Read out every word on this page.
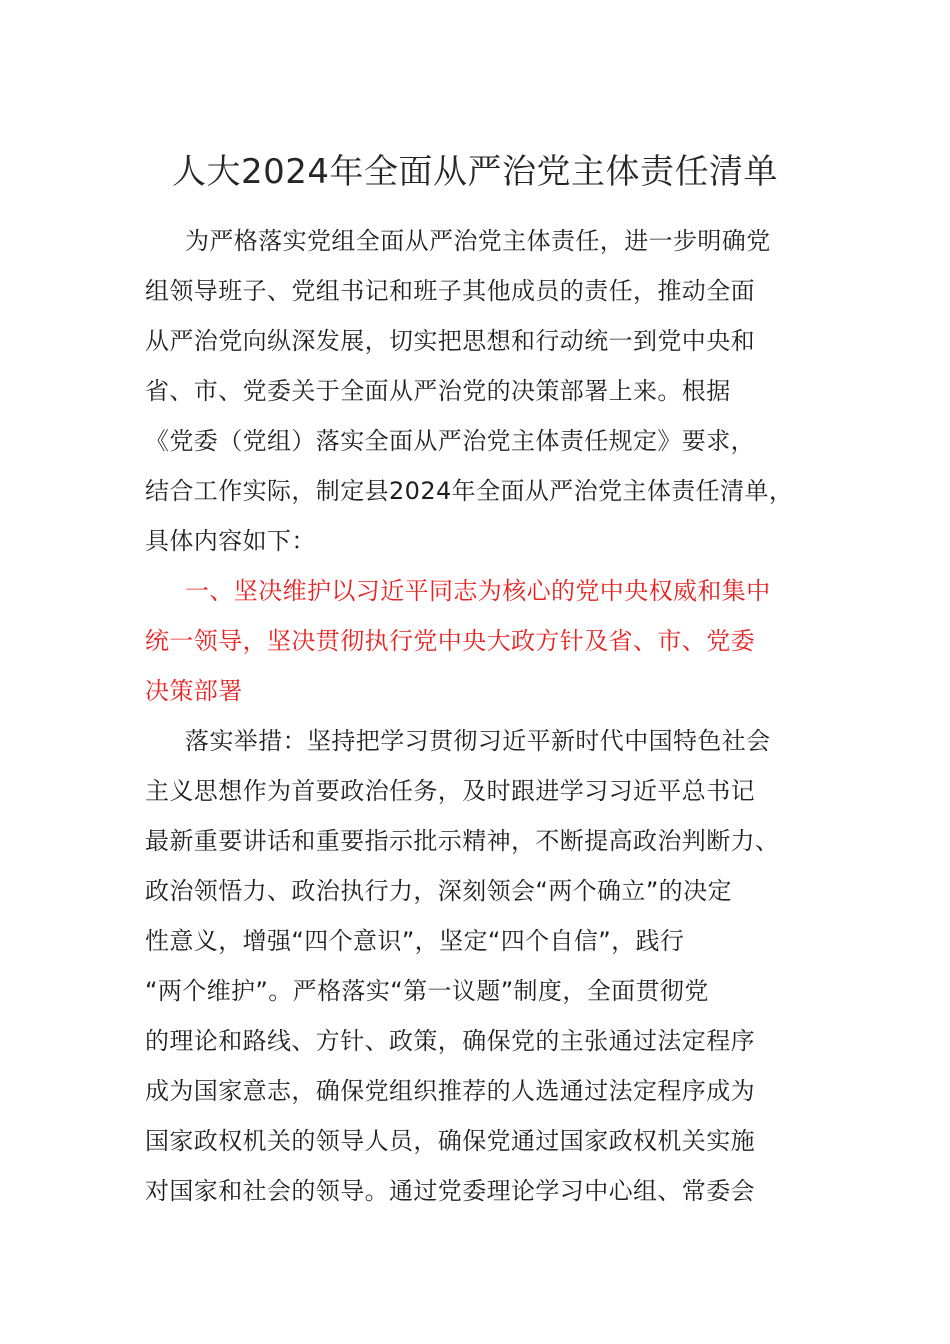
人大2024年全面从严治党主体责任清单
为严格落实党组全面从严治党主体责任，进一步明确党
组领导班子、党组书记和班子其他成员的责任，推动全面
从严治党向纵深发展，切实把思想和行动统一到党中央和
省、市、党委关于全面从严治党的决策部署上来。根据
《党委（党组）落实全面从严治党主体责任规定》要求，
结合工作实际，制定县2024年全面从严治党主体责任清单，
具体内容如下：
一、坚决维护以习近平同志为核心的党中央权威和集中
统一领导，坚决贯彻执行党中央大政方针及省、市、党委
决策部署
落实举措：坚持把学习贯彻习近平新时代中国特色社会
主义思想作为首要政治任务，及时跟进学习习近平总书记
最新重要讲话和重要指示批示精神，不断提高政治判断力、
政治领悟力、政治执行力，深刻领会“两个确立”的决定
性意义，增强“四个意识”，坚定“四个自信”，践行
“两个维护”。严格落实“第一议题”制度，全面贯彻党
的理论和路线、方针、政策，确保党的主张通过法定程序
成为国家意志，确保党组织推荐的人选通过法定程序成为
国家政权机关的领导人员，确保党通过国家政权机关实施
对国家和社会的领导。通过党委理论学习中心组、常委会
